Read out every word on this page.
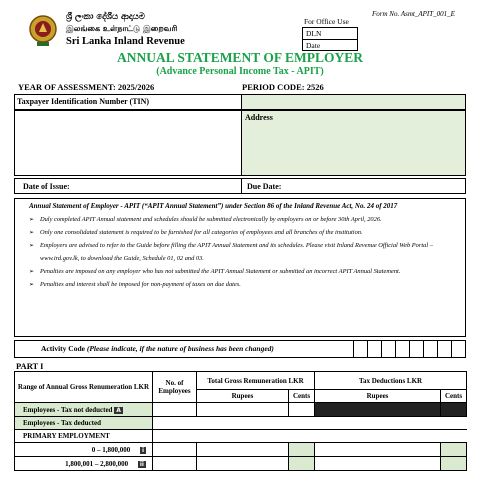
Form No. Asmt_APIT_001_E
ශ්‍රී ලංකා දේශීය ආදායම
இலங்கை உள்நாட்டு இறைவரி
Sri Lanka Inland Revenue
For Office Use
DLN
Date
ANNUAL STATEMENT OF EMPLOYER
(Advance Personal Income Tax - APIT)
YEAR OF ASSESSMENT: 2025/2026	PERIOD CODE: 2526
Taxpayer Identification Number (TIN)
Address
Date of Issue:	Due Date:
Annual Statement of Employer - APIT (“APIT Annual Statement”) under Section 86 of the Inland Revenue Act, No. 24 of 2017
➢ Duly completed APIT Annual statement and schedules should be submitted electronically by employers on or before 30th April, 2026.
➢ Only one consolidated statement is required to be furnished for all categories of employees and all branches of the institution.
➢ Employers are advised to refer to the Guide before filling the APIT Annual Statement and its schedules. Please visit Inland Revenue Official Web Portal – www.ird.gov.lk, to download the Guide, Schedule 01, 02 and 03.
➢ Penalties are imposed on any employer who has not submitted the APIT Annual Statement or submitted an incorrect APIT Annual Statement.
➢ Penalties and interest shall be imposed for non-payment of taxes on due dates.
Activity Code (Please indicate, if the nature of business has been changed)
PART I
Range of Annual Gross Renumeration LKR	No. of Employees	Total Gross Remuneration LKR		Tax Deductions LKR	
		Rupees	Cents	Rupees	Cents
Employees - Tax not deducted A		

Employees - Tax deducted					
PRIMARY EMPLOYMENT					
0 – 1,800,000 i		

1,800,001 – 2,800,000 ii		
